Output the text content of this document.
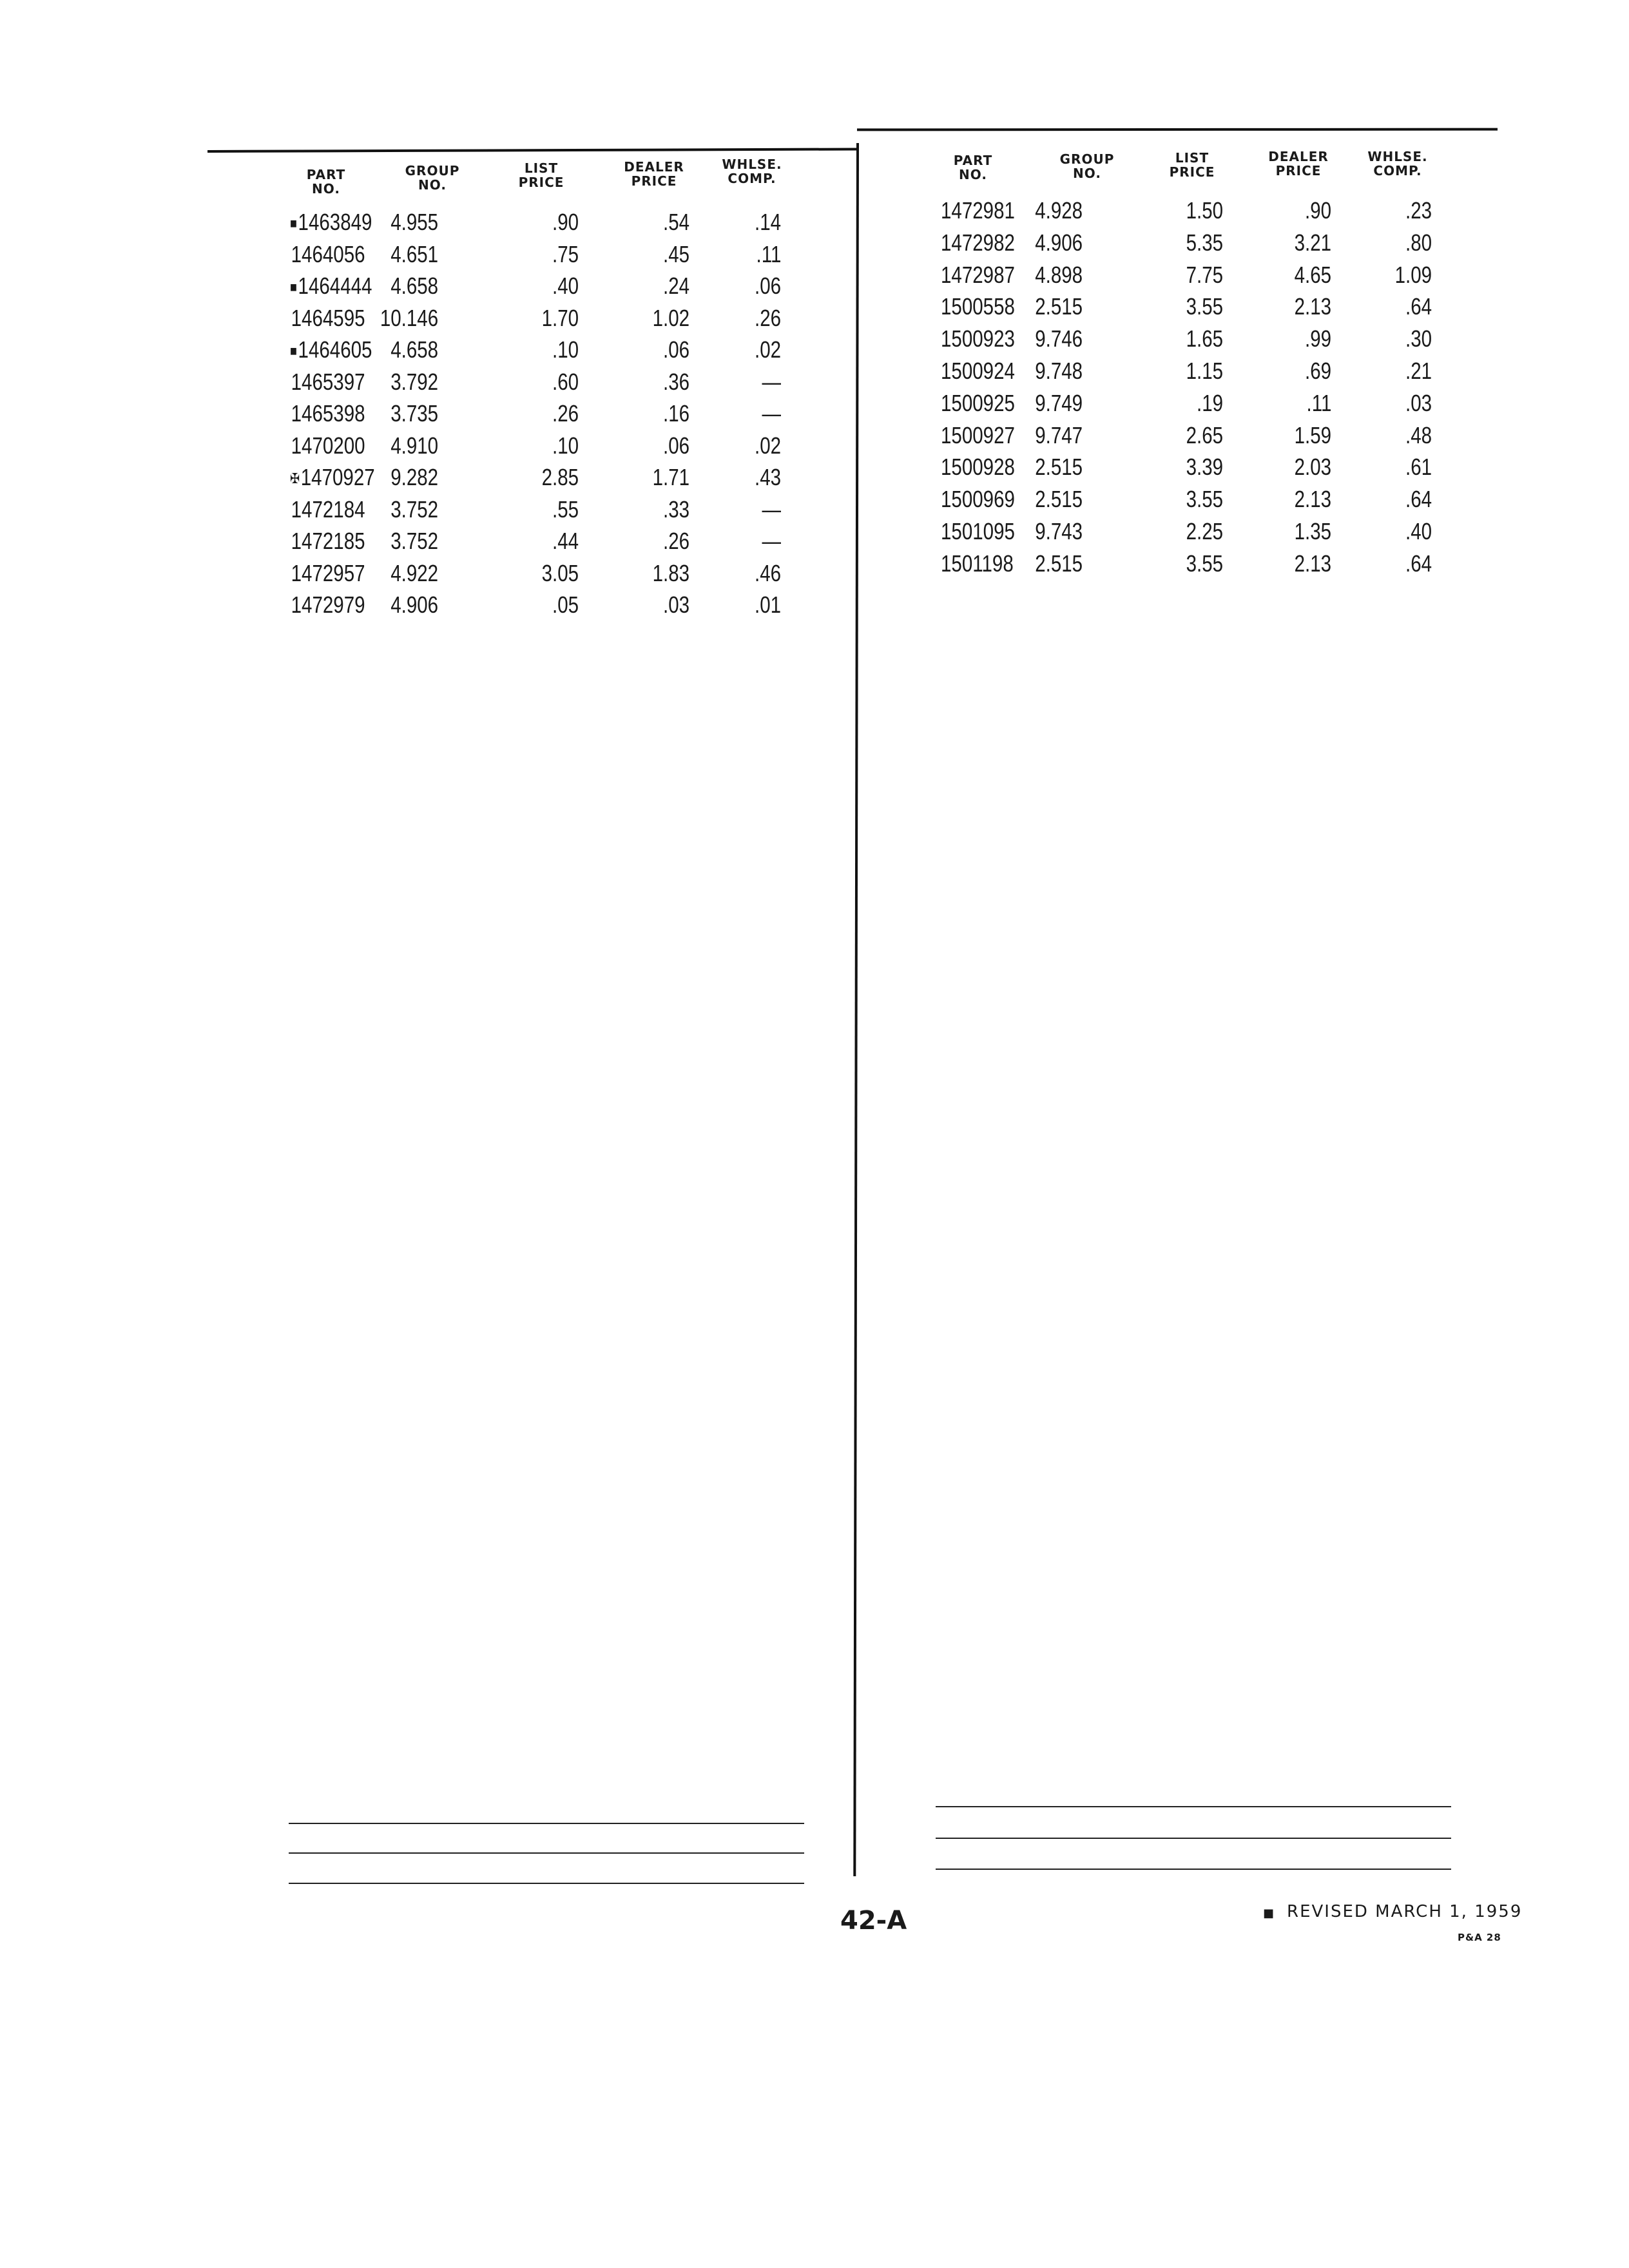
PART
NO.
GROUP
NO.
LIST
PRICE
DEALER
PRICE
WHLSE.
COMP.
■1463849 4.955	.90	.54	.14
1464056 4.651	.75	.45	.11
■1464444 4.658	.40	.24	.06
1464595 10.146	1.70	1.02	.26
■1464605 4.658	.10	.06	.02
1465397 3.792	.60	.36	—
1465398 3.735	.26	.16	—
1470200 4.910	.10	.06	.02
✠1470927 9.282	2.85	1.71	.43
1472184 3.752	.55	.33	—
1472185 3.752	.44	.26	—
1472957 4.922	3.05	1.83	.46
1472979 4.906	.05	.03	.01
PART
NO.
GROUP
NO.
LIST
PRICE
DEALER
PRICE
WHLSE.
COMP.
1472981 4.928	1.50	.90	.23
1472982 4.906	5.35	3.21	.80
1472987 4.898	7.75	4.65	1.09
1500558 2.515	3.55	2.13	.64
1500923 9.746	1.65	.99	.30
1500924 9.748	1.15	.69	.21
1500925 9.749	.19	.11	.03
1500927 9.747	2.65	1.59	.48
1500928 2.515	3.39	2.03	.61
1500969 2.515	3.55	2.13	.64
1501095 9.743	2.25	1.35	.40
1501198 2.515	3.55	2.13	.64
42-A	■ REVISED MARCH 1, 1959
P&A 28
